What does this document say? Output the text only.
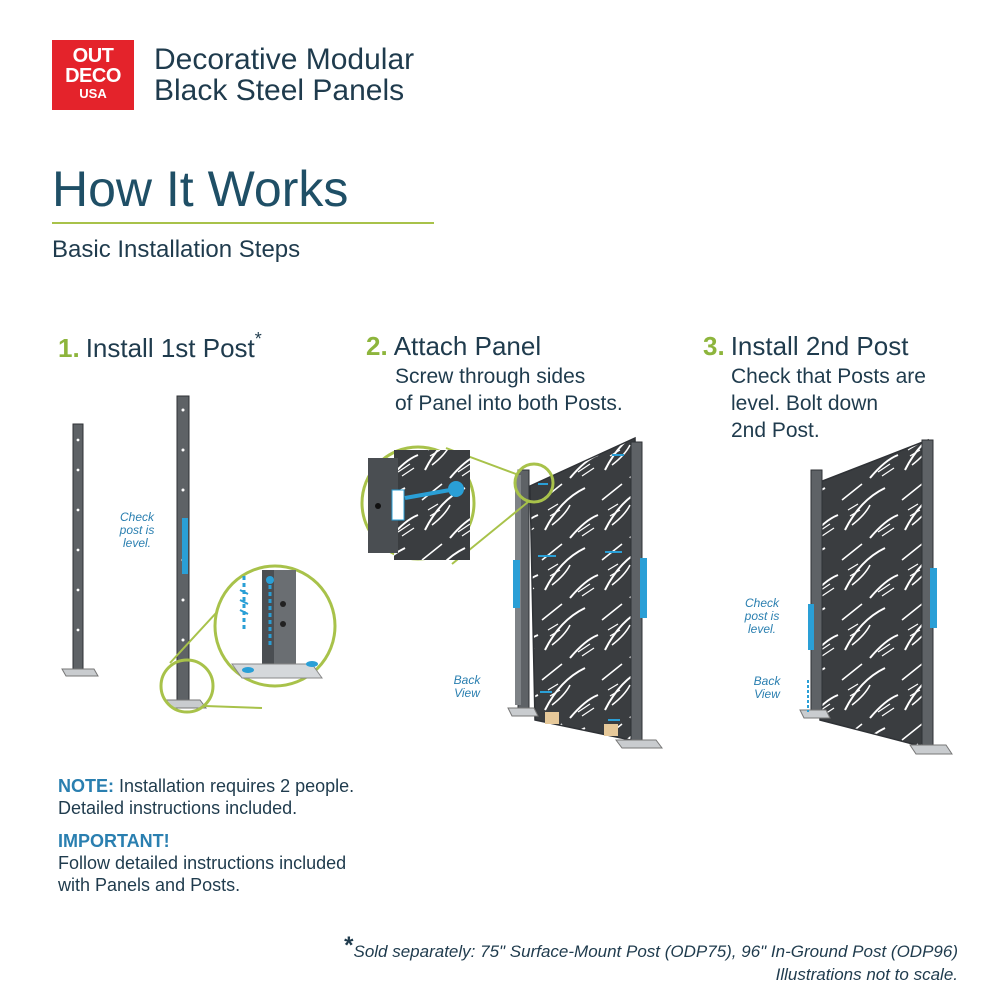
OUT
DECO
USA
Decorative Modular
Black Steel Panels
How It Works
Basic Installation Steps
1. Install 1st Post*	2. Attach Panel
Screw through sides
of Panel into both Posts.
3. Install 2nd Post
Check that Posts are
level. Bolt down
2nd Post.
Check
post is
level.
Back
View
Check
post is
level.
Back
View
NOTE: Installation requires 2 people.
Detailed instructions included.
IMPORTANT!
Follow detailed instructions included
with Panels and Posts.
*Sold separately: 75" Surface-Mount Post (ODP75), 96" In-Ground Post (ODP96)
Illustrations not to scale.
